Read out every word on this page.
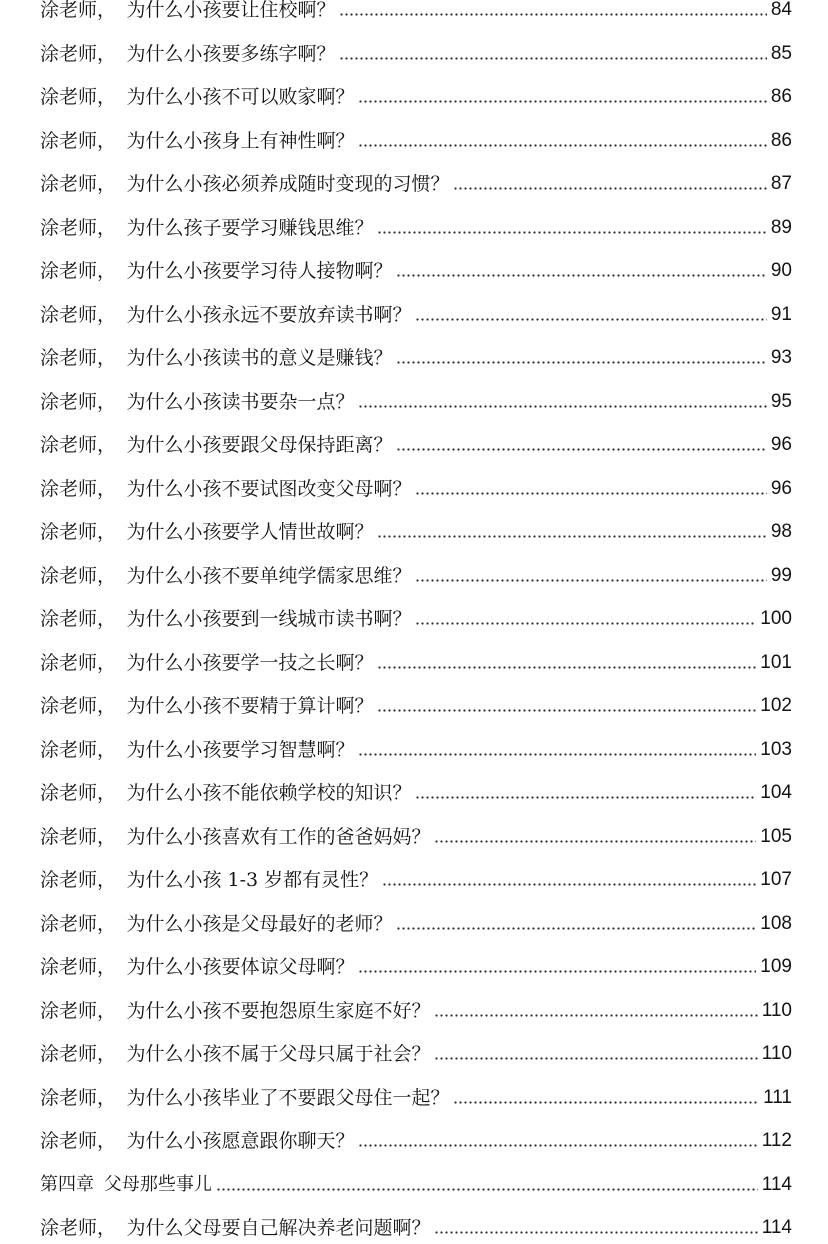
涂老师， 为什么小孩要让住校啊？	84
涂老师， 为什么小孩要多练字啊？	85
涂老师， 为什么小孩不可以败家啊？	86
涂老师， 为什么小孩身上有神性啊？	86
涂老师， 为什么小孩必须养成随时变现的习惯？	87
涂老师， 为什么孩子要学习赚钱思维？	89
涂老师， 为什么小孩要学习待人接物啊？	90
涂老师， 为什么小孩永远不要放弃读书啊？	91
涂老师， 为什么小孩读书的意义是赚钱？	93
涂老师， 为什么小孩读书要杂一点？	95
涂老师， 为什么小孩要跟父母保持距离？	96
涂老师， 为什么小孩不要试图改变父母啊？	96
涂老师， 为什么小孩要学人情世故啊？	98
涂老师， 为什么小孩不要单纯学儒家思维？	99
涂老师， 为什么小孩要到一线城市读书啊？	100
涂老师， 为什么小孩要学一技之长啊？	101
涂老师， 为什么小孩不要精于算计啊？	102
涂老师， 为什么小孩要学习智慧啊？	103
涂老师， 为什么小孩不能依赖学校的知识？	104
涂老师， 为什么小孩喜欢有工作的爸爸妈妈？	105
涂老师， 为什么小孩 1-3 岁都有灵性？	107
涂老师， 为什么小孩是父母最好的老师？	108
涂老师， 为什么小孩要体谅父母啊？	109
涂老师， 为什么小孩不要抱怨原生家庭不好？	110
涂老师， 为什么小孩不属于父母只属于社会？	110
涂老师， 为什么小孩毕业了不要跟父母住一起？	111
涂老师， 为什么小孩愿意跟你聊天？	112
第四章 父母那些事儿	114
涂老师， 为什么父母要自己解决养老问题啊？	114
